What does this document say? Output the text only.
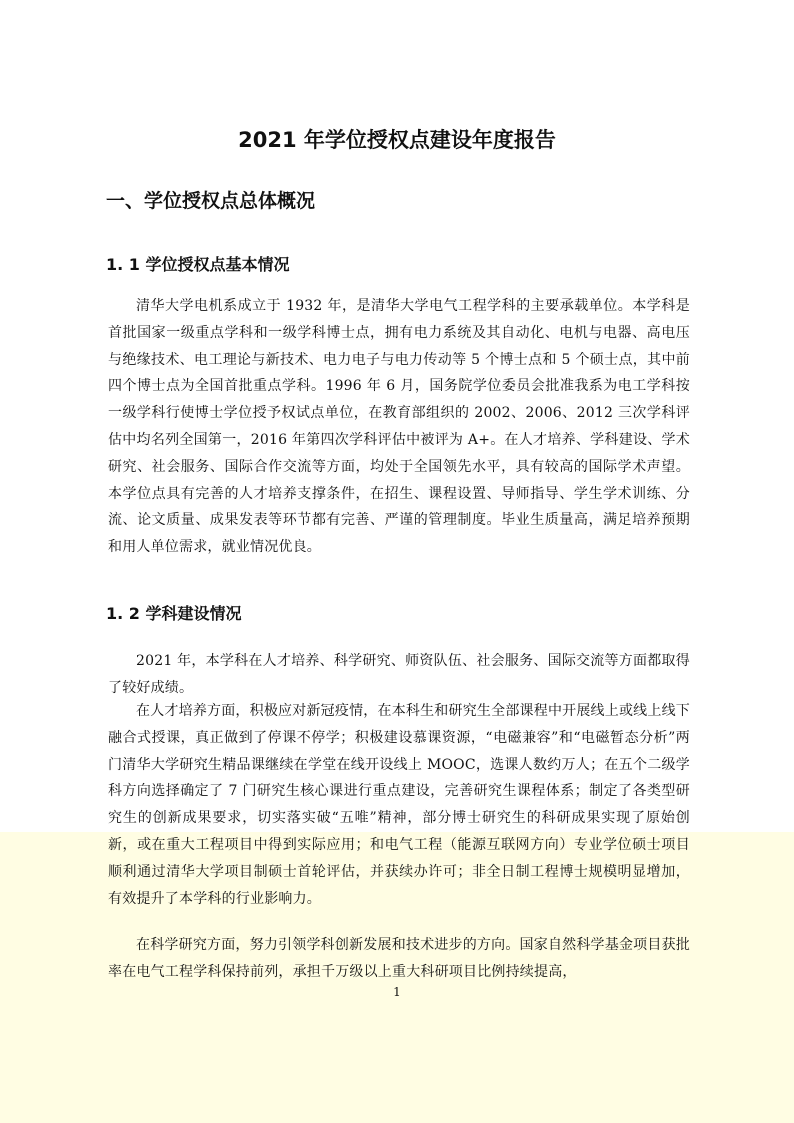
2021 年学位授权点建设年度报告
一、学位授权点总体概况
1. 1 学位授权点基本情况

清华大学电机系成立于 1932 年，是清华大学电气工程学科的主要承载单位。本学科是首批国家一级重点学科和一级学科博士点，拥有电力系统及其自动化、电机与电器、高电压与绝缘技术、电工理论与新技术、电力电子与电力传动等 5 个博士点和 5 个硕士点，其中前四个博士点为全国首批重点学科。1996 年 6 月，国务院学位委员会批准我系为电工学科按一级学科行使博士学位授予权试点单位，在教育部组织的 2002、2006、2012 三次学科评估中均名列全国第一，2016 年第四次学科评估中被评为 A+。在人才培养、学科建设、学术研究、社会服务、国际合作交流等方面，均处于全国领先水平，具有较高的国际学术声望。本学位点具有完善的人才培养支撑条件，在招生、课程设置、导师指导、学生学术训练、分流、论文质量、成果发表等环节都有完善、严谨的管理制度。毕业生质量高，满足培养预期和用人单位需求，就业情况优良。

1. 2 学科建设情况

2021 年，本学科在人才培养、科学研究、师资队伍、社会服务、国际交流等方面都取得了较好成绩。

在人才培养方面，积极应对新冠疫情，在本科生和研究生全部课程中开展线上或线上线下融合式授课，真正做到了停课不停学；积极建设慕课资源，“电磁兼容”和“电磁暂态分析”两门清华大学研究生精品课继续在学堂在线开设线上 MOOC，选课人数约万人；在五个二级学科方向选择确定了 7 门研究生核心课进行重点建设，完善研究生课程体系；制定了各类型研究生的创新成果要求，切实落实破“五唯”精神，部分博士研究生的科研成果实现了原始创新，或在重大工程项目中得到实际应用；和电气工程（能源互联网方向）专业学位硕士项目顺利通过清华大学项目制硕士首轮评估，并获续办许可；非全日制工程博士规模明显增加，有效提升了本学科的行业影响力。

在科学研究方面，努力引领学科创新发展和技术进步的方向。国家自然科学基金项目获批率在电气工程学科保持前列，承担千万级以上重大科研项目比例持续提高，

1
